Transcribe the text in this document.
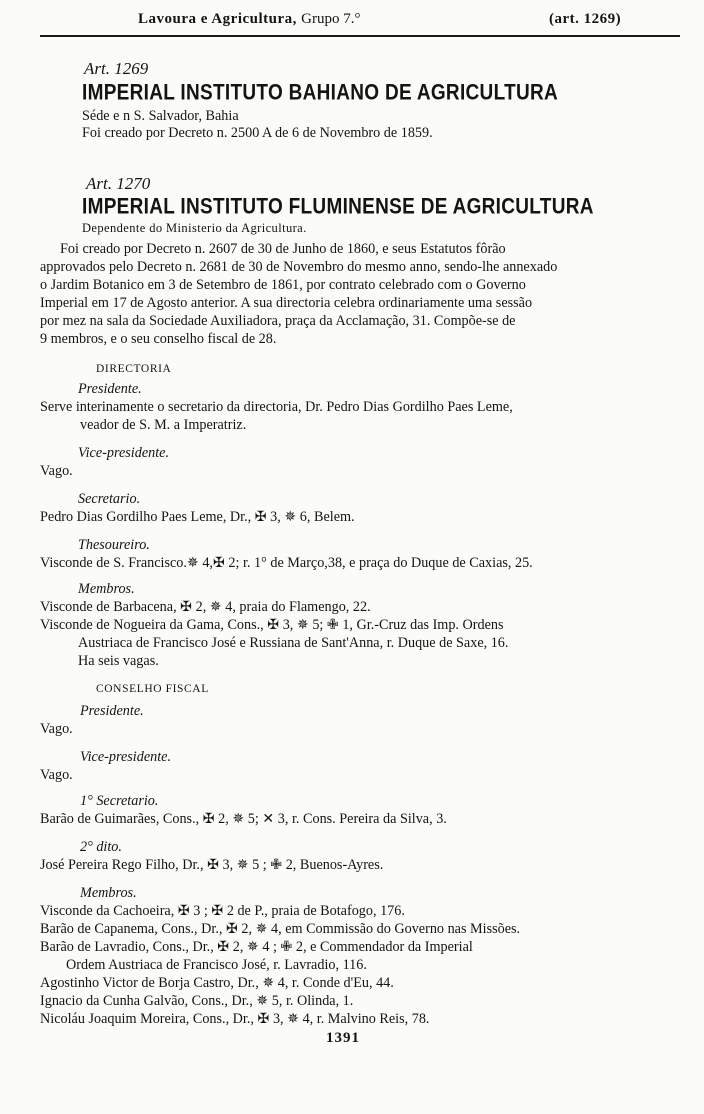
Lavoura e Agricultura, Grupo 7.°	(art. 1269)
Art. 1269
IMPERIAL INSTITUTO BAHIANO DE AGRICULTURA
Séde e n S. Salvador, Bahia
Foi creado por Decreto n. 2500 A de 6 de Novembro de 1859.
Art. 1270
IMPERIAL INSTITUTO FLUMINENSE DE AGRICULTURA
Dependente do Ministerio da Agricultura.
Foi creado por Decreto n. 2607 de 30 de Junho de 1860, e seus Estatutos fôrão
approvados pelo Decreto n. 2681 de 30 de Novembro do mesmo anno, sendo-lhe annexado
o Jardim Botanico em 3 de Setembro de 1861, por contrato celebrado com o Governo
Imperial em 17 de Agosto anterior. A sua directoria celebra ordinariamente uma sessão
por mez na sala da Sociedade Auxiliadora, praça da Acclamação, 31. Compõe-se de
9 membros, e o seu conselho fiscal de 28.
DIRECTORIA
Presidente.
Serve interinamente o secretario da directoria, Dr. Pedro Dias Gordilho Paes Leme,
veador de S. M. a Imperatriz.
Vice-presidente.
Vago.
Secretario.
Pedro Dias Gordilho Paes Leme, Dr., ✠ 3, ✵ 6, Belem.
Thesoureiro.
Visconde de S. Francisco.✵ 4,✠ 2; r. 1° de Março,38, e praça do Duque de Caxias, 25.
Membros.
Visconde de Barbacena, ✠ 2, ✵ 4, praia do Flamengo, 22.
Visconde de Nogueira da Gama, Cons., ✠ 3, ✵ 5; ✙ 1, Gr.-Cruz das Imp. Ordens
Austriaca de Francisco José e Russiana de Sant'Anna, r. Duque de Saxe, 16.
Ha seis vagas.
CONSELHO FISCAL
Presidente.
Vago.
Vice-presidente.
Vago.
1° Secretario.
Barão de Guimarães, Cons., ✠ 2, ✵ 5; ✕ 3, r. Cons. Pereira da Silva, 3.
2° dito.
José Pereira Rego Filho, Dr., ✠ 3, ✵ 5 ; ✙ 2, Buenos-Ayres.
Membros.
Visconde da Cachoeira, ✠ 3 ; ✠ 2 de P., praia de Botafogo, 176.
Barão de Capanema, Cons., Dr., ✠ 2, ✵ 4, em Commissão do Governo nas Missões.
Barão de Lavradio, Cons., Dr., ✠ 2, ✵ 4 ; ✙ 2, e Commendador da Imperial
Ordem Austriaca de Francisco José, r. Lavradio, 116.
Agostinho Victor de Borja Castro, Dr., ✵ 4, r. Conde d'Eu, 44.
Ignacio da Cunha Galvão, Cons., Dr., ✵ 5, r. Olinda, 1.
Nicoláu Joaquim Moreira, Cons., Dr., ✠ 3, ✵ 4, r. Malvino Reis, 78.
1391
